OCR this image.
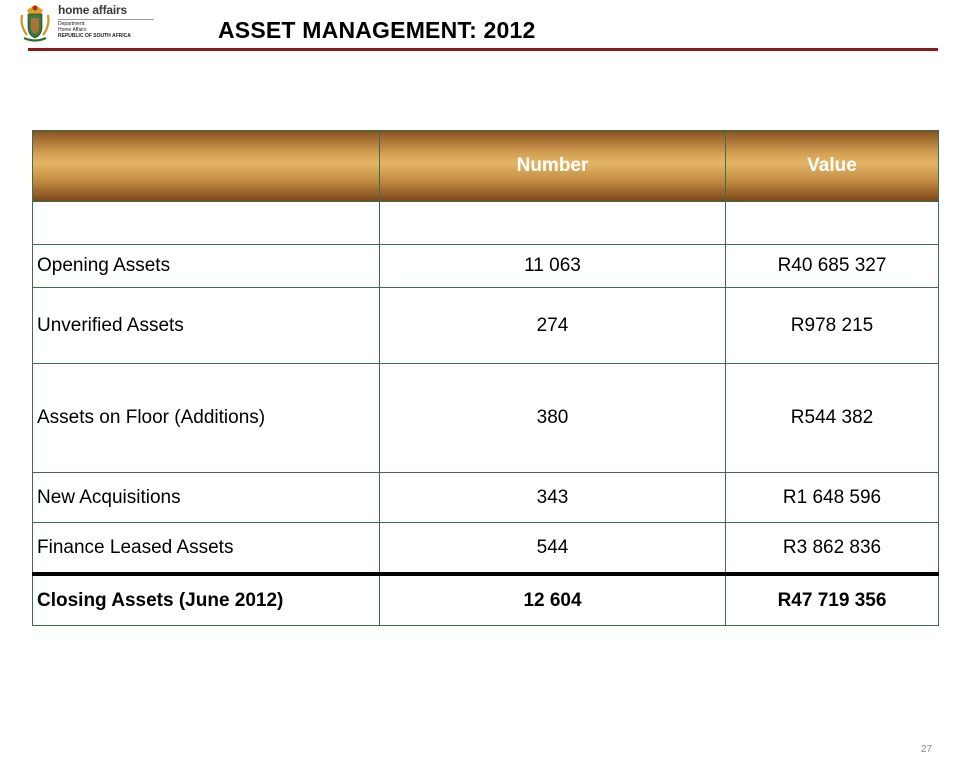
home affairs
Department:
Home Affairs
REPUBLIC OF SOUTH AFRICA	ASSET MANAGEMENT: 2012
	Number	Value

Opening Assets	11 063	R40 685 327
Unverified Assets	274	R978 215
Assets on Floor (Additions)	380	R544 382
New Acquisitions	343	R1 648 596
Finance Leased Assets	544	R3 862 836
Closing Assets (June 2012)	12 604	R47 719 356
27
